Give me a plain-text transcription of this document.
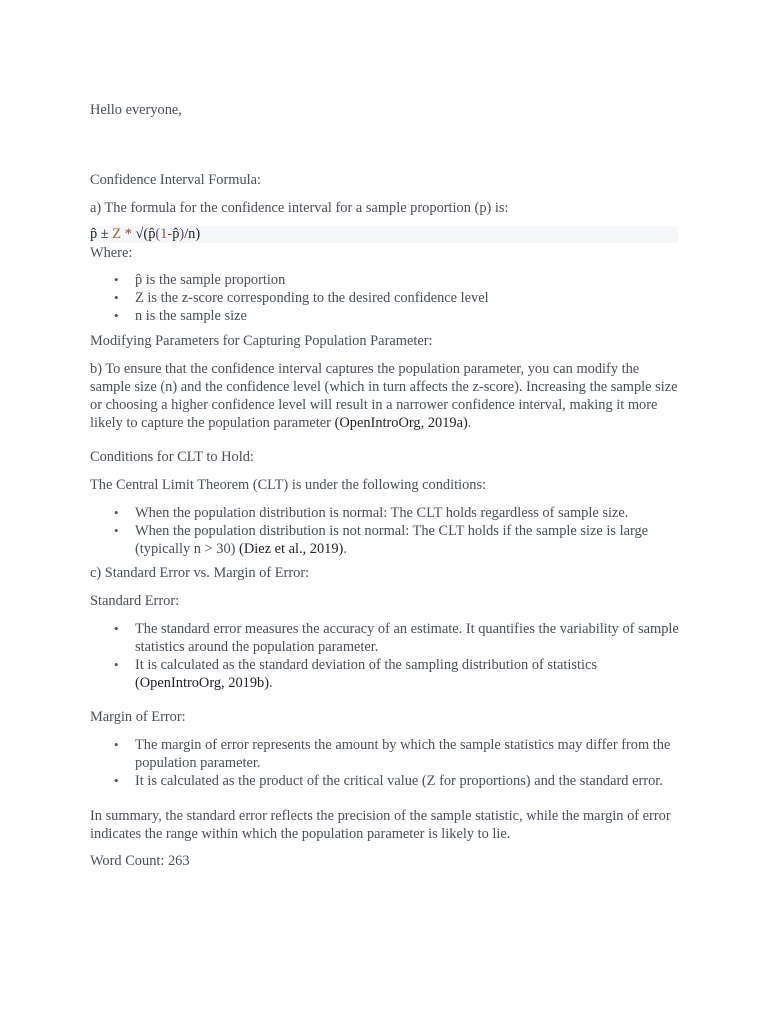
Hello everyone,
Confidence Interval Formula:
a) The formula for the confidence interval for a sample proportion (p) is:
p̂ ± Z * √(p̂(1-p̂)/n)
Where:
• p̂ is the sample proportion
• Z is the z-score corresponding to the desired confidence level
• n is the sample size
Modifying Parameters for Capturing Population Parameter:
b) To ensure that the confidence interval captures the population parameter, you can modify the sample size (n) and the confidence level (which in turn affects the z-score). Increasing the sample size or choosing a higher confidence level will result in a narrower confidence interval, making it more likely to capture the population parameter (OpenIntroOrg, 2019a).
Conditions for CLT to Hold:
The Central Limit Theorem (CLT) is under the following conditions:
• When the population distribution is normal: The CLT holds regardless of sample size.
• When the population distribution is not normal: The CLT holds if the sample size is large (typically n > 30) (Diez et al., 2019).
c) Standard Error vs. Margin of Error:
Standard Error:
• The standard error measures the accuracy of an estimate. It quantifies the variability of sample statistics around the population parameter.
• It is calculated as the standard deviation of the sampling distribution of statistics (OpenIntroOrg, 2019b).
Margin of Error:
• The margin of error represents the amount by which the sample statistics may differ from the population parameter.
• It is calculated as the product of the critical value (Z for proportions) and the standard error.
In summary, the standard error reflects the precision of the sample statistic, while the margin of error indicates the range within which the population parameter is likely to lie.
Word Count: 263
